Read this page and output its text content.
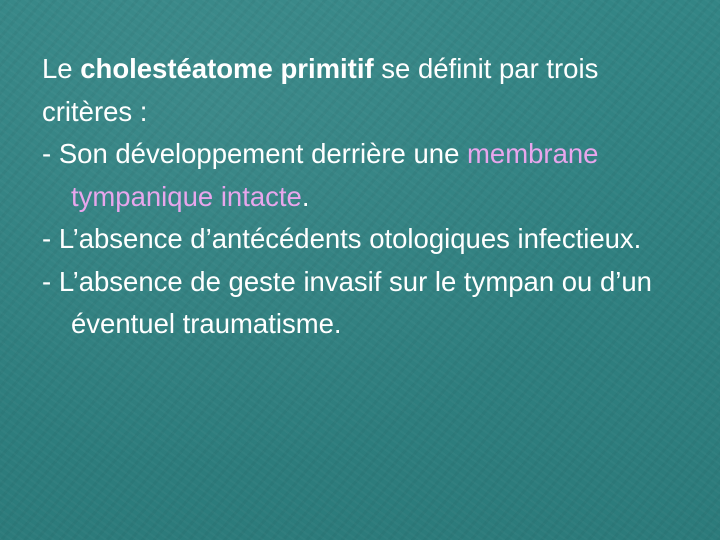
Le cholestéatome primitif se définit par trois critères :

- Son développement derrière une membrane tympanique intacte.

- L’absence d’antécédents otologiques infectieux.

- L’absence de geste invasif sur le tympan ou d’un éventuel traumatisme.
